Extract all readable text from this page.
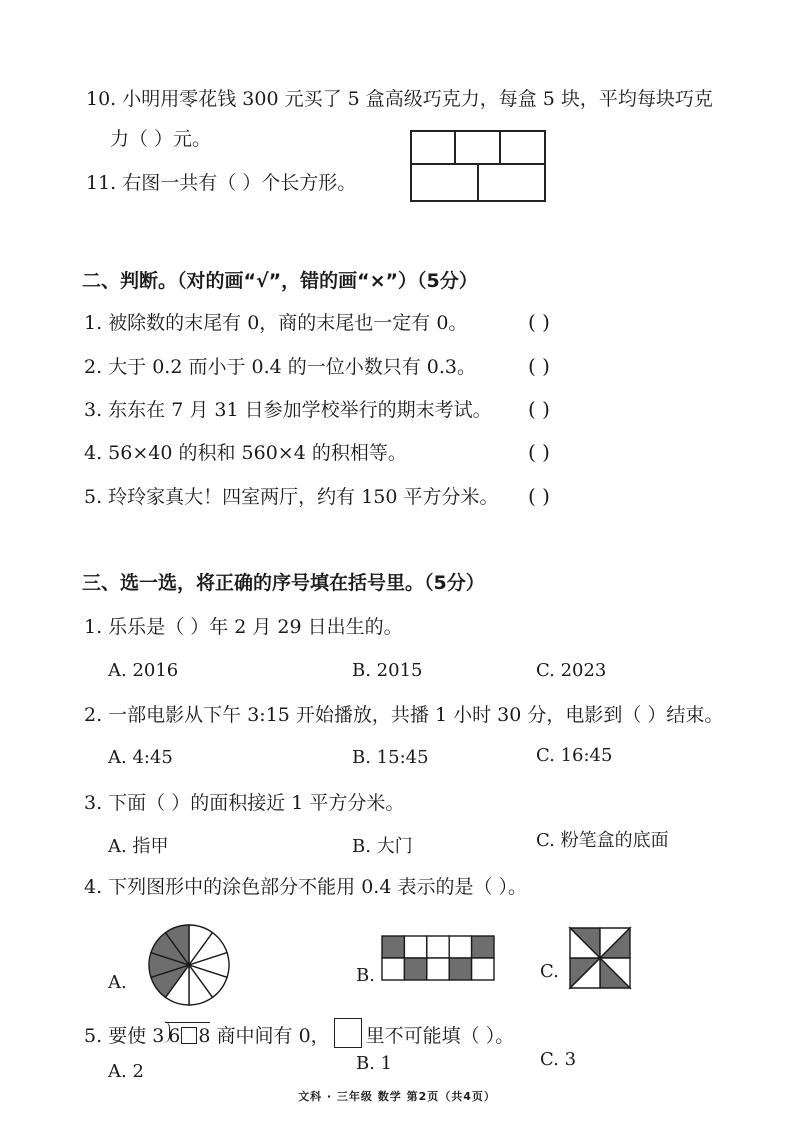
10. 小明用零花钱 300 元买了 5 盒高级巧克力，每盒 5 块，平均每块巧克
力（ ）元。
11. 右图一共有（ ）个长方形。
二、判断。（对的画“√”，错的画“×”）（5分）
1. 被除数的末尾有 0，商的末尾也一定有 0。	( )
2. 大于 0.2 而小于 0.4 的一位小数只有 0.3。	( )
3. 东东在 7 月 31 日参加学校举行的期末考试。 ( )
4. 56×40 的积和 560×4 的积相等。	( )
5. 玲玲家真大！四室两厅，约有 150 平方分米。 ( )
三、选一选，将正确的序号填在括号里。（5分）
1. 乐乐是（ ）年 2 月 29 日出生的。
A. 2016	B. 2015	C. 2023
2. 一部电影从下午 3:15 开始播放，共播 1 小时 30 分，电影到（ ）结束。
A. 4:45	B. 15:45	C. 16:45
3. 下面（ ）的面积接近 1 平方分米。
A. 指甲	B. 大门	C. 粉笔盒的底面
4. 下列图形中的涂色部分不能用 0.4 表示的是（ ）。
A.	B.	C.
5. 要使 3 6 8 商中间有 0， 里不可能填（ ）。
A. 2	B. 1	C. 3
文科 · 三年级 数学 第2页（共4页）
